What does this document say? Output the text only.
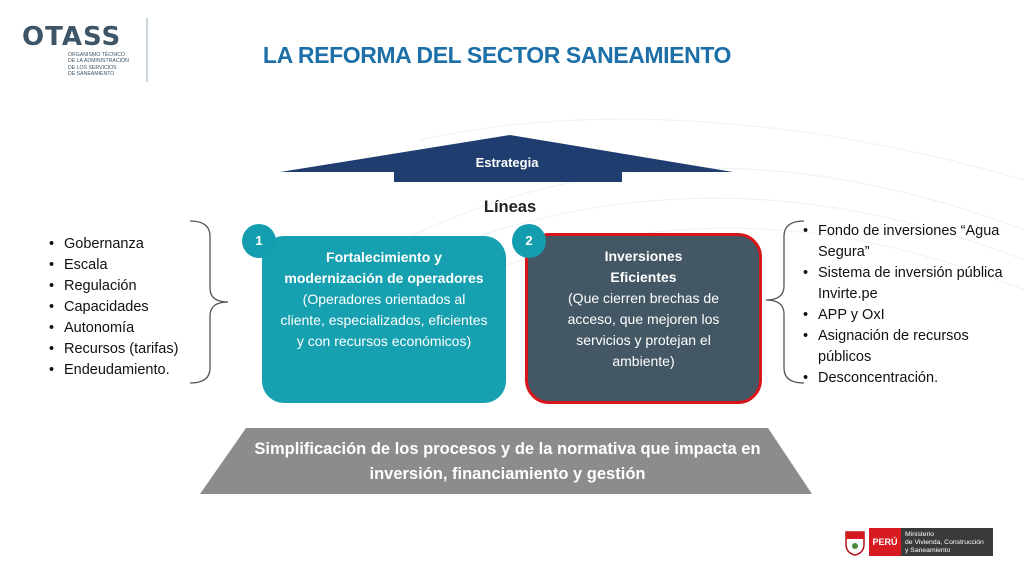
OTASS
ORGANISMO TÉCNICO
DE LA ADMINISTRACIÓN
DE LOS SERVICIOS
DE SANEAMIENTO
LA REFORMA DEL SECTOR SANEAMIENTO
Estrategia
Líneas
• Gobernanza
• Escala
• Regulación
• Capacidades
• Autonomía
• Recursos (tarifas)
• Endeudamiento.
Fortalecimiento y modernización de operadores
(Operadores orientados al cliente, especializados, eficientes y con recursos económicos)
1
Inversiones
Eficientes
(Que cierren brechas de acceso, que mejoren los servicios y protejan el ambiente)
2
• Fondo de inversiones “Agua Segura”
• Sistema de inversión pública Invirte.pe
• APP y OxI
• Asignación de recursos públicos
• Desconcentración.
Simplificación de los procesos y de la normativa que impacta en inversión, financiamiento y gestión
PERÚ
Ministerio
de Vivienda, Construcción
y Saneamiento
